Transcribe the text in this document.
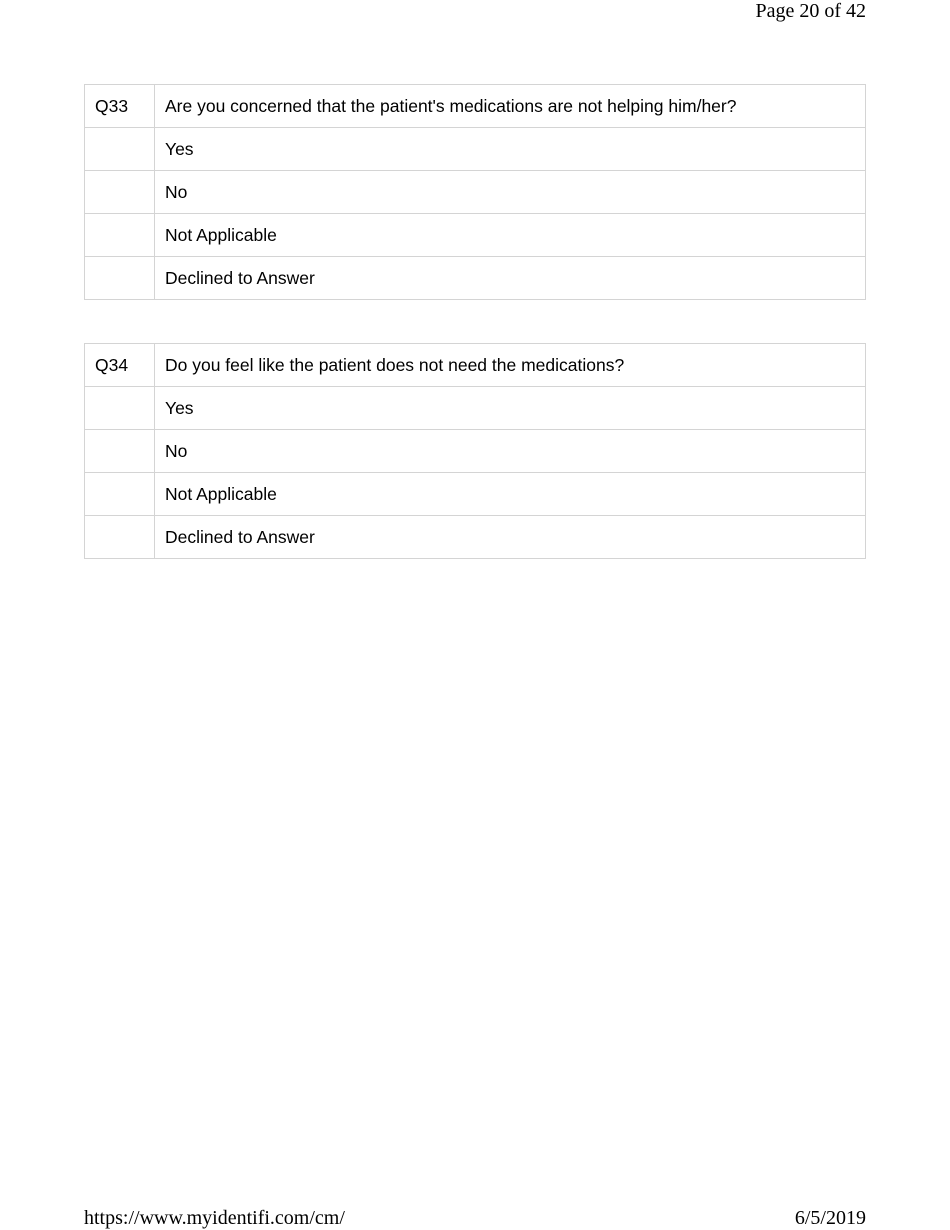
Page 20 of 42
Q33	Are you concerned that the patient's medications are not helping him/her?
	Yes
	No
	Not Applicable
	Declined to Answer
Q34	Do you feel like the patient does not need the medications?
	Yes
	No
	Not Applicable
	Declined to Answer
https://www.myidentifi.com/cm/	6/5/2019
